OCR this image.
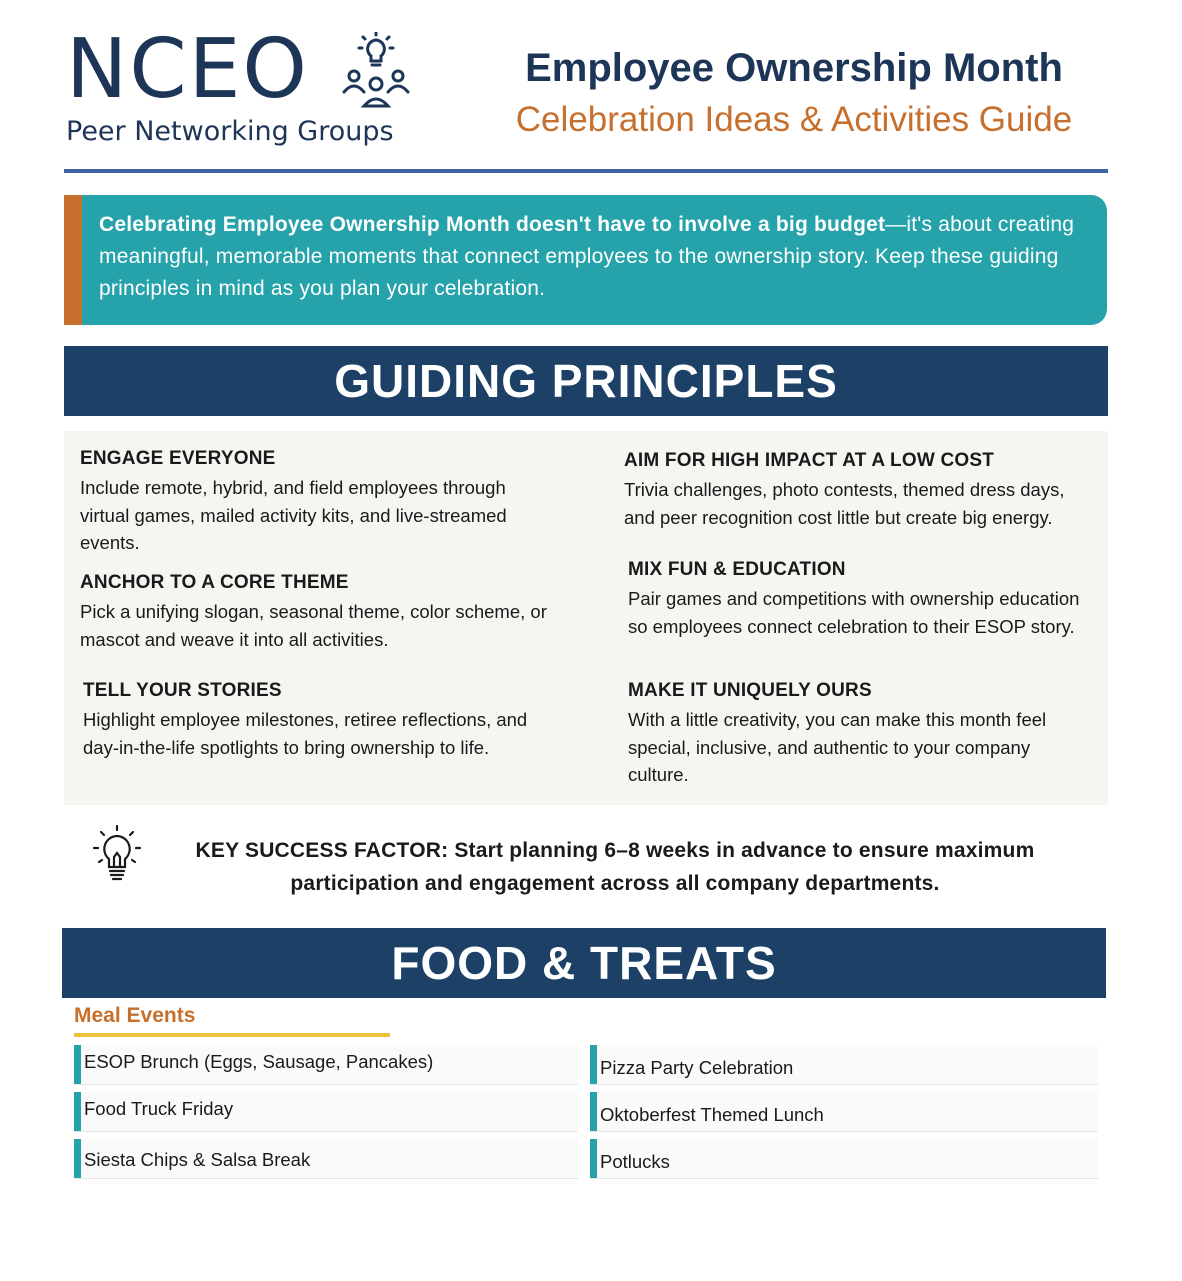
NCEO
Peer Networking Groups
Employee Ownership Month
Celebration Ideas & Activities Guide
Celebrating Employee Ownership Month doesn't have to involve a big budget—it's about creating meaningful, memorable moments that connect employees to the ownership story. Keep these guiding principles in mind as you plan your celebration.
GUIDING PRINCIPLES
ENGAGE EVERYONE
Include remote, hybrid, and field employees through virtual games, mailed activity kits, and live-streamed events.
ANCHOR TO A CORE THEME
Pick a unifying slogan, seasonal theme, color scheme, or mascot and weave it into all activities.
TELL YOUR STORIES
Highlight employee milestones, retiree reflections, and day-in-the-life spotlights to bring ownership to life.
AIM FOR HIGH IMPACT AT A LOW COST
Trivia challenges, photo contests, themed dress days, and peer recognition cost little but create big energy.
MIX FUN & EDUCATION
Pair games and competitions with ownership education so employees connect celebration to their ESOP story.
MAKE IT UNIQUELY OURS
With a little creativity, you can make this month feel special, inclusive, and authentic to your company culture.
KEY SUCCESS FACTOR: Start planning 6–8 weeks in advance to ensure maximum
participation and engagement across all company departments.
FOOD & TREATS
Meal Events
ESOP Brunch (Eggs, Sausage, Pancakes)
Food Truck Friday
Siesta Chips & Salsa Break
Pizza Party Celebration
Oktoberfest Themed Lunch
Potlucks
